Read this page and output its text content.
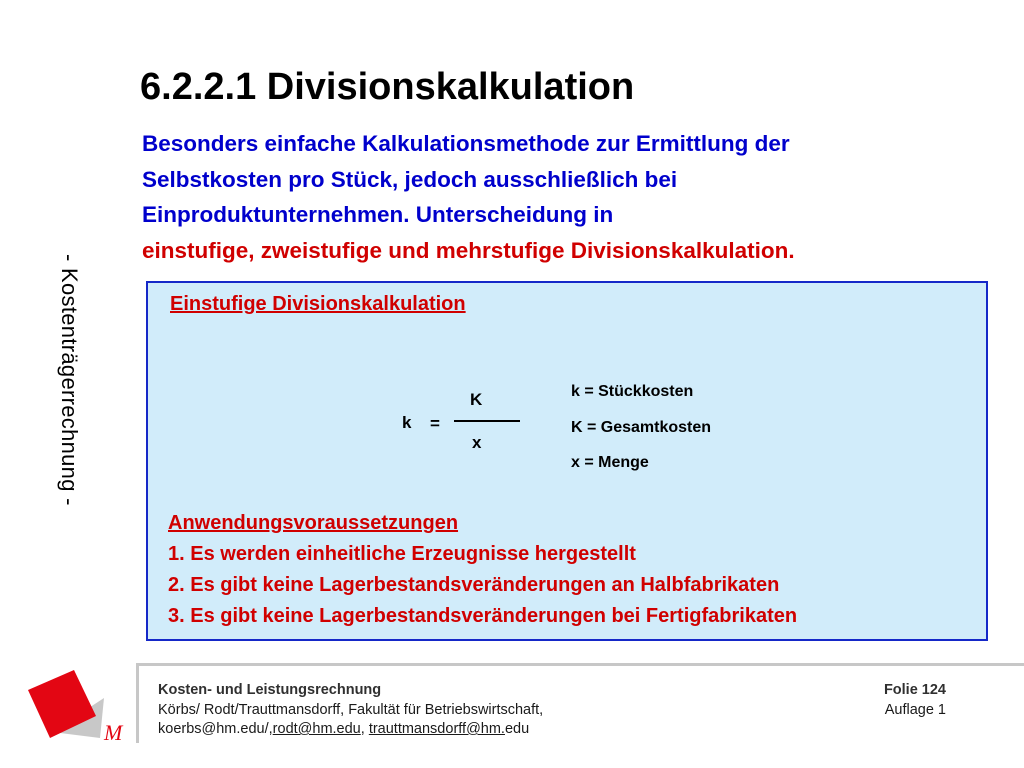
- Kostenträgerrechnung -
6.2.2.1 Divisionskalkulation
Besonders einfache Kalkulationsmethode zur Ermittlung der
Selbstkosten pro Stück, jedoch ausschließlich bei
Einproduktunternehmen. Unterscheidung in
einstufige, zweistufige und mehrstufige Divisionskalkulation.
Einstufige Divisionskalkulation
k =
K
x
k = Stückkosten
K = Gesamtkosten
x = Menge
Anwendungsvoraussetzungen
1. Es werden einheitliche Erzeugnisse hergestellt
2. Es gibt keine Lagerbestandsveränderungen an Halbfabrikaten
3. Es gibt keine Lagerbestandsveränderungen bei Fertigfabrikaten
M
Kosten- und Leistungsrechnung
Körbs/ Rodt/Trauttmansdorff, Fakultät für Betriebswirtschaft,
koerbs@hm.edu/,rodt@hm.edu, trauttmansdorff@hm.edu
Folie 124
Auflage 1
